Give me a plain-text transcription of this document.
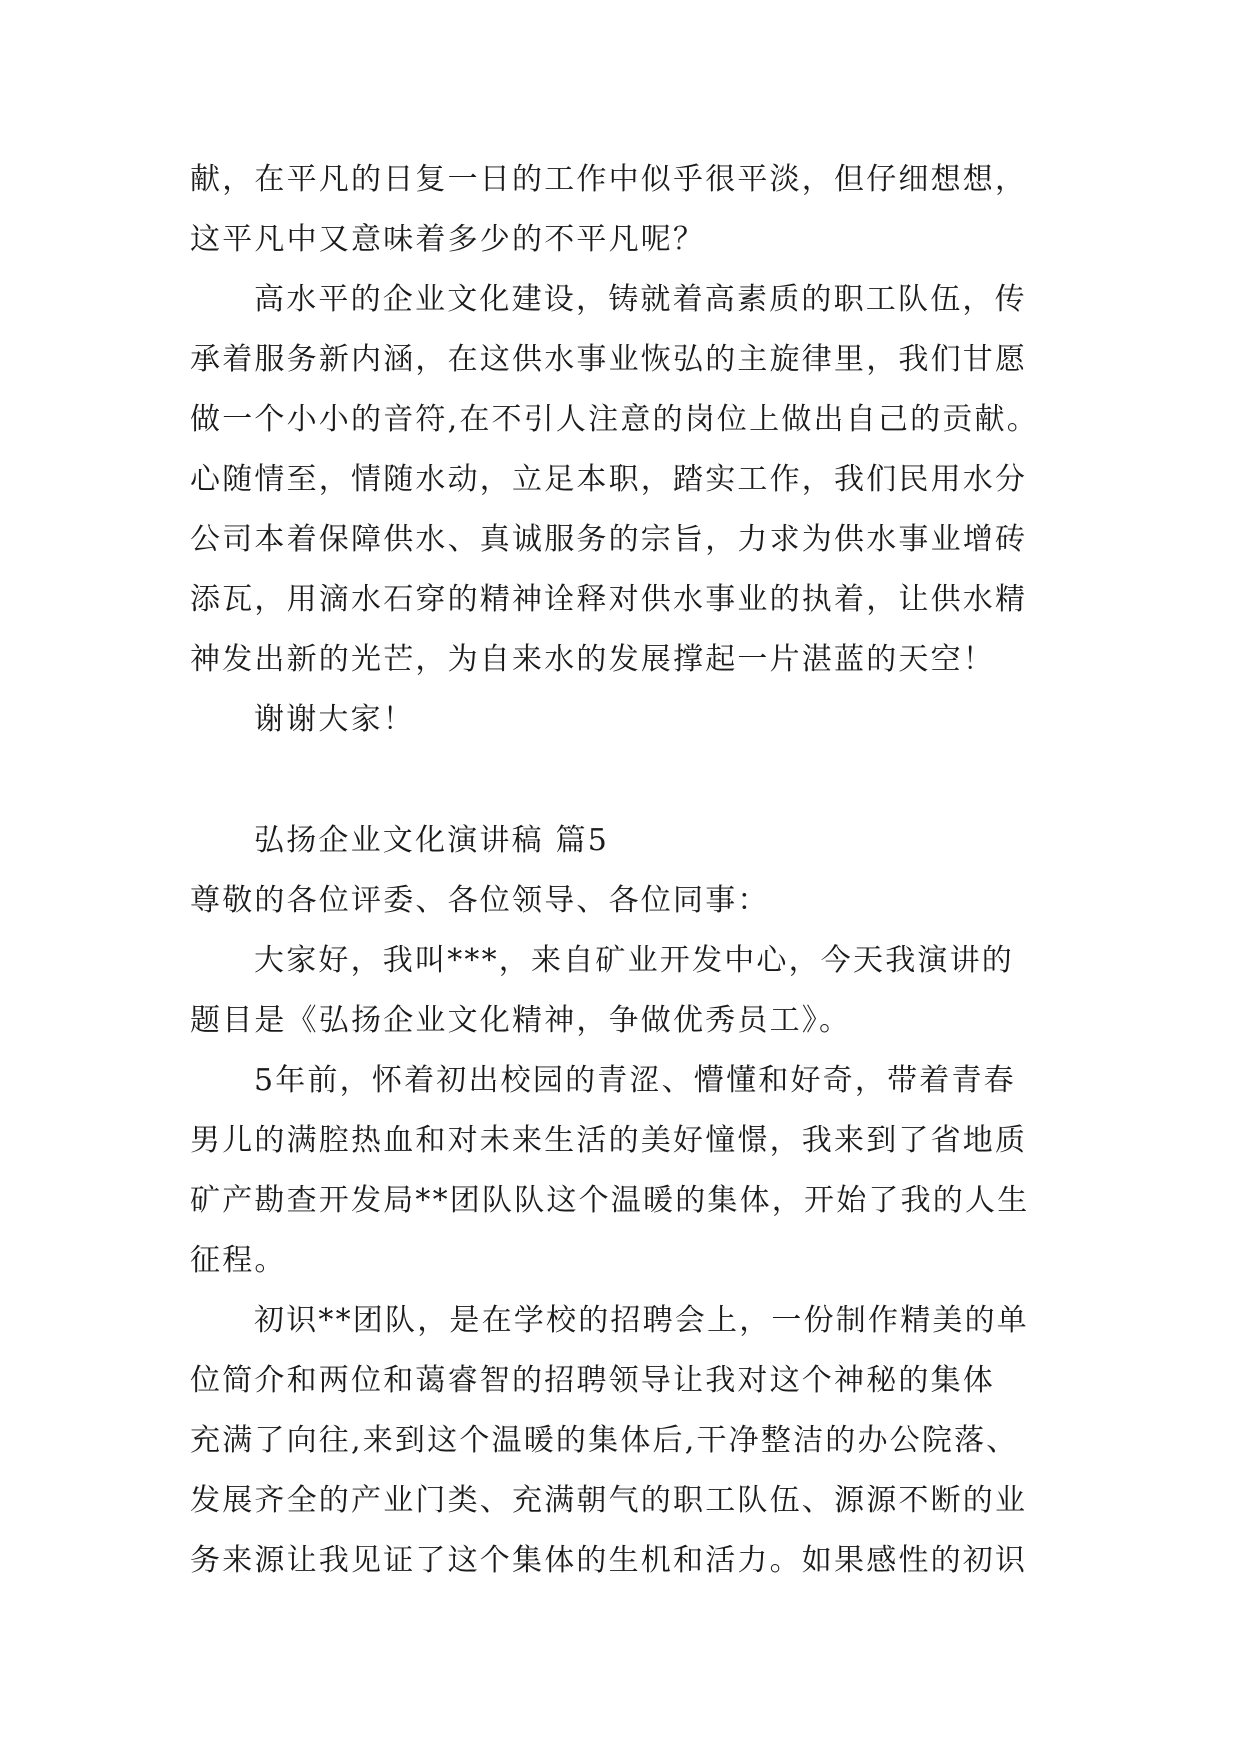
献，在平凡的日复一日的工作中似乎很平淡，但仔细想想，
这平凡中又意味着多少的不平凡呢？
高水平的企业文化建设，铸就着高素质的职工队伍，传
承着服务新内涵，在这供水事业恢弘的主旋律里，我们甘愿
做一个小小的音符,在不引人注意的岗位上做出自己的贡献。
心随情至，情随水动，立足本职，踏实工作，我们民用水分
公司本着保障供水、真诚服务的宗旨，力求为供水事业增砖
添瓦，用滴水石穿的精神诠释对供水事业的执着，让供水精
神发出新的光芒，为自来水的发展撑起一片湛蓝的天空！
谢谢大家！
弘扬企业文化演讲稿 篇5
尊敬的各位评委、各位领导、各位同事：
大家好，我叫***，来自矿业开发中心，今天我演讲的
题目是《弘扬企业文化精神，争做优秀员工》。
5年前，怀着初出校园的青涩、懵懂和好奇，带着青春
男儿的满腔热血和对未来生活的美好憧憬，我来到了省地质
矿产勘查开发局**团队队这个温暖的集体，开始了我的人生
征程。
初识**团队，是在学校的招聘会上，一份制作精美的单
位简介和两位和蔼睿智的招聘领导让我对这个神秘的集体
充满了向往,来到这个温暖的集体后,干净整洁的办公院落、
发展齐全的产业门类、充满朝气的职工队伍、源源不断的业
务来源让我见证了这个集体的生机和活力。如果感性的初识
